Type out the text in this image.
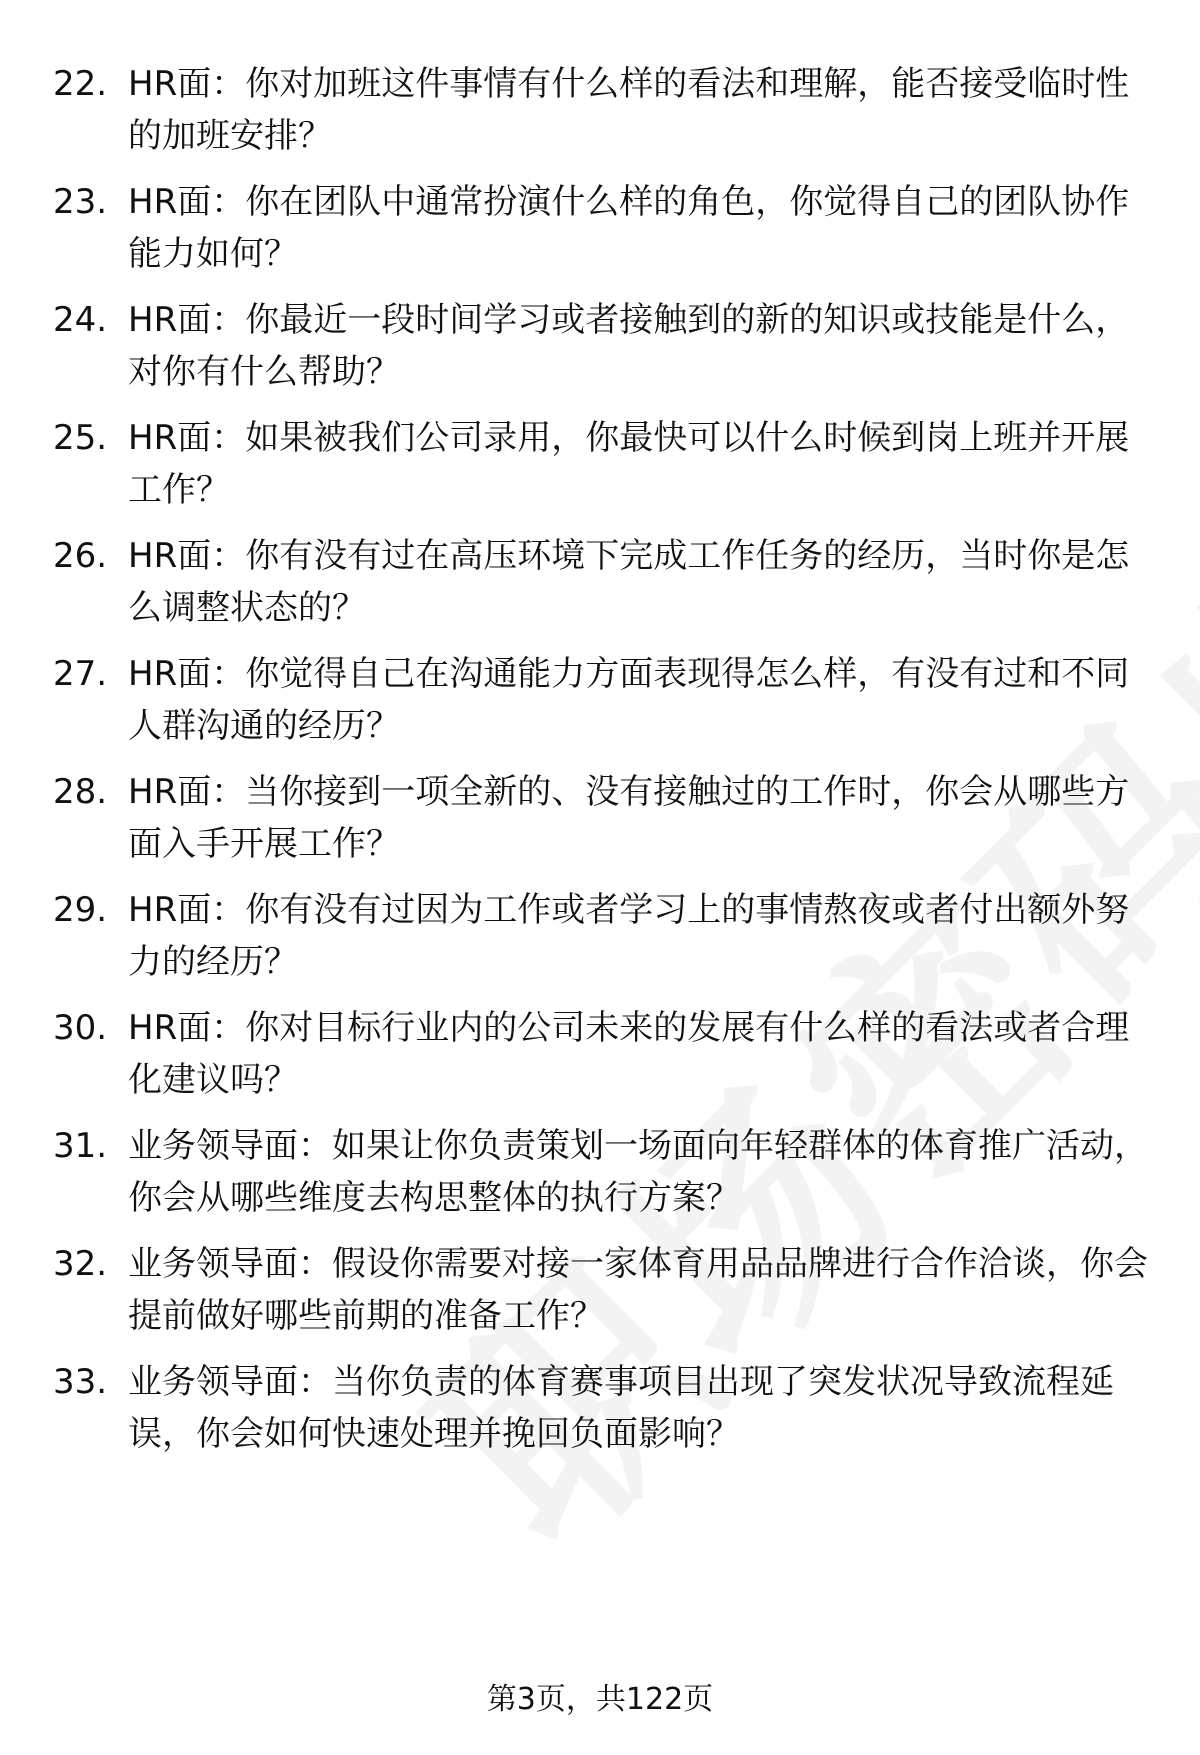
22. HR面：你对加班这件事情有什么样的看法和理解，能否接受临时性的加班安排？
23. HR面：你在团队中通常扮演什么样的角色，你觉得自己的团队协作能力如何？
24. HR面：你最近一段时间学习或者接触到的新的知识或技能是什么，对你有什么帮助？
25. HR面：如果被我们公司录用，你最快可以什么时候到岗上班并开展工作？
26. HR面：你有没有过在高压环境下完成工作任务的经历，当时你是怎么调整状态的？
27. HR面：你觉得自己在沟通能力方面表现得怎么样，有没有过和不同人群沟通的经历？
28. HR面：当你接到一项全新的、没有接触过的工作时，你会从哪些方面入手开展工作？
29. HR面：你有没有过因为工作或者学习上的事情熬夜或者付出额外努力的经历？
30. HR面：你对目标行业内的公司未来的发展有什么样的看法或者合理化建议吗？
31. 业务领导面：如果让你负责策划一场面向年轻群体的体育推广活动，你会从哪些维度去构思整体的执行方案？
32. 业务领导面：假设你需要对接一家体育用品品牌进行合作洽谈，你会提前做好哪些前期的准备工作？
33. 业务领导面：当你负责的体育赛事项目出现了突发状况导致流程延误，你会如何快速处理并挽回负面影响？
第3页，共122页
